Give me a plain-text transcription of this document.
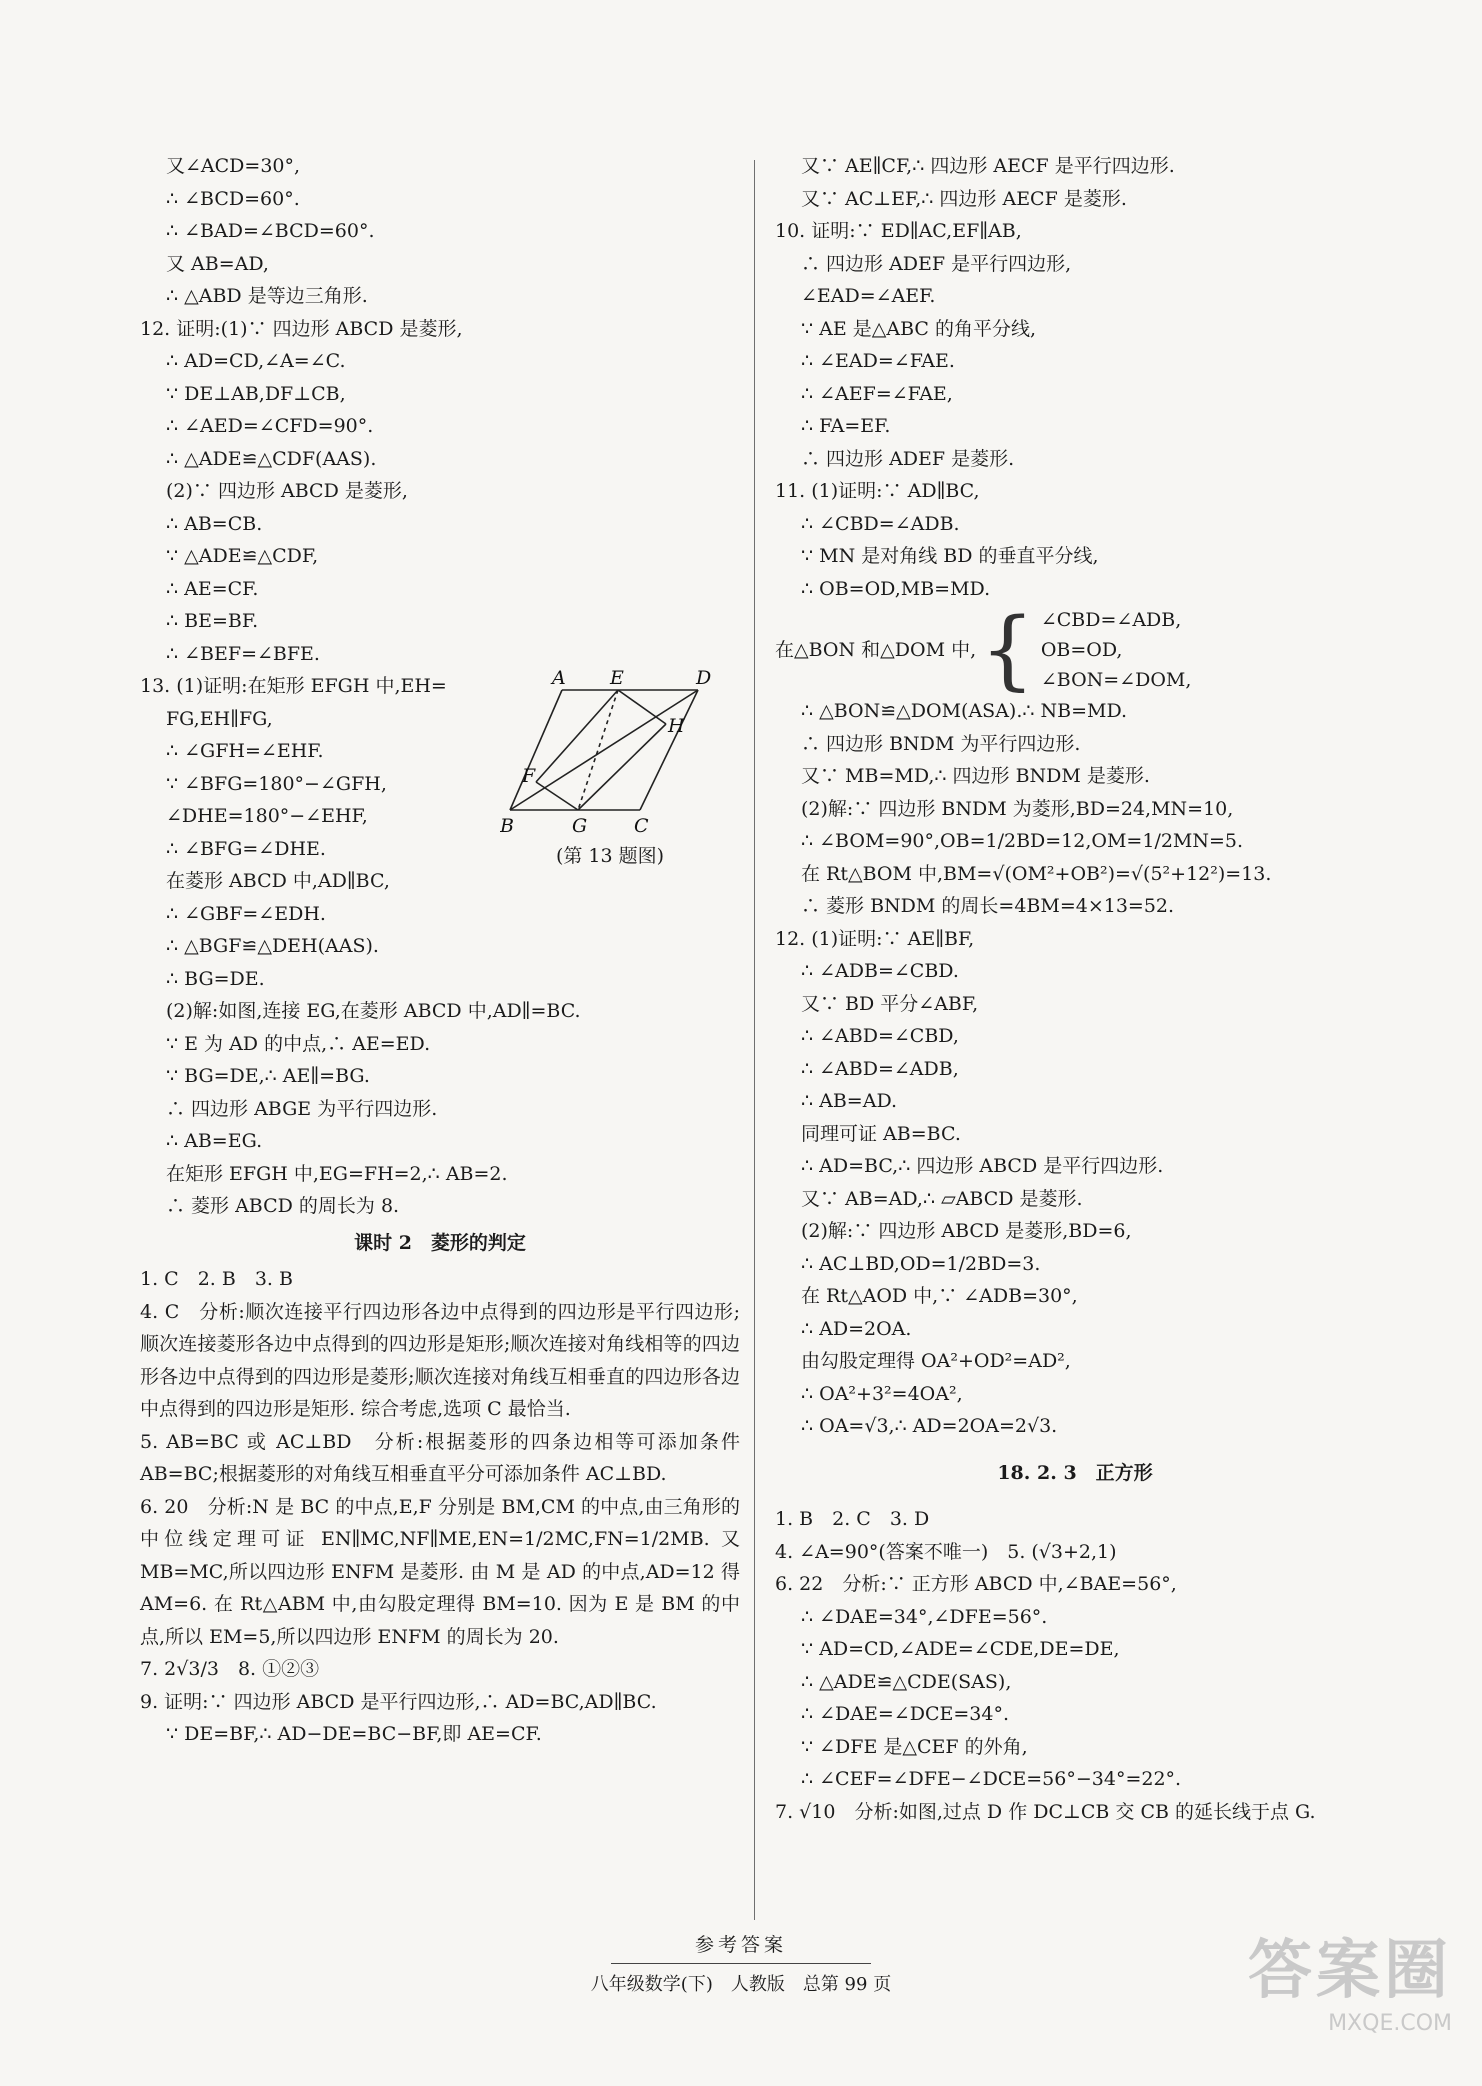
又∠ACD=30°,
∴ ∠BCD=60°.
∴ ∠BAD=∠BCD=60°.
又 AB=AD,
∴ △ABD 是等边三角形.
12. 证明:(1)∵ 四边形 ABCD 是菱形,
∴ AD=CD,∠A=∠C.
∵ DE⊥AB,DF⊥CB,
∴ ∠AED=∠CFD=90°.
∴ △ADE≌△CDF(AAS).
(2)∵ 四边形 ABCD 是菱形,
∴ AB=CB.
∵ △ADE≌△CDF,
∴ AE=CF.
∴ BE=BF.
∴ ∠BEF=∠BFE.
13. (1)证明:在矩形 EFGH 中,EH=
FG,EH∥FG,
∴ ∠GFH=∠EHF.
∵ ∠BFG=180°−∠GFH,
∠DHE=180°−∠EHF,
∴ ∠BFG=∠DHE.
在菱形 ABCD 中,AD∥BC,
∴ ∠GBF=∠EDH.
∴ △BGF≌△DEH(AAS).
∴ BG=DE.
(2)解:如图,连接 EG,在菱形 ABCD 中,AD∥=BC.
∵ E 为 AD 的中点,∴ AE=ED.
∵ BG=DE,∴ AE∥=BG.
∴ 四边形 ABGE 为平行四边形.
∴ AB=EG.
在矩形 EFGH 中,EG=FH=2,∴ AB=2.
∴ 菱形 ABCD 的周长为 8.
课时 2　菱形的判定
1. C　2. B　3. B
4. C　分析:顺次连接平行四边形各边中点得到的四边形是平行四边形;顺次连接菱形各边中点得到的四边形是矩形;顺次连接对角线相等的四边形各边中点得到的四边形是菱形;顺次连接对角线互相垂直的四边形各边中点得到的四边形是矩形. 综合考虑,选项 C 最恰当.
5. AB=BC 或 AC⊥BD　分析:根据菱形的四条边相等可添加条件 AB=BC;根据菱形的对角线互相垂直平分可添加条件 AC⊥BD.
6. 20　分析:N 是 BC 的中点,E,F 分别是 BM,CM 的中点,由三角形的中位线定理可证 EN∥MC,NF∥ME,EN=1/2MC,FN=1/2MB. 又 MB=MC,所以四边形 ENFM 是菱形. 由 M 是 AD 的中点,AD=12 得 AM=6. 在 Rt△ABM 中,由勾股定理得 BM=10. 因为 E 是 BM 的中点,所以 EM=5,所以四边形 ENFM 的周长为 20.
7. 2√3/3　8. ①②③
9. 证明:∵ 四边形 ABCD 是平行四边形,∴ AD=BC,AD∥BC.
∵ DE=BF,∴ AD−DE=BC−BF,即 AE=CF.
A E	D
H
F
B	G C
(第 13 题图)
又∵ AE∥CF,∴ 四边形 AECF 是平行四边形.
又∵ AC⊥EF,∴ 四边形 AECF 是菱形.
10. 证明:∵ ED∥AC,EF∥AB,
∴ 四边形 ADEF 是平行四边形,
∠EAD=∠AEF.
∵ AE 是△ABC 的角平分线,
∴ ∠EAD=∠FAE.
∴ ∠AEF=∠FAE,
∴ FA=EF.
∴ 四边形 ADEF 是菱形.
11. (1)证明:∵ AD∥BC,
∴ ∠CBD=∠ADB.
∵ MN 是对角线 BD 的垂直平分线,
∴ OB=OD,MB=MD.
在△BON 和△DOM 中, { ∠CBD=∠ADB,
OB=OD,
∠BON=∠DOM,
∴ △BON≌△DOM(ASA).∴ NB=MD.
∴ 四边形 BNDM 为平行四边形.
又∵ MB=MD,∴ 四边形 BNDM 是菱形.
(2)解:∵ 四边形 BNDM 为菱形,BD=24,MN=10,
∴ ∠BOM=90°,OB=1/2BD=12,OM=1/2MN=5.
在 Rt△BOM 中,BM=√(OM²+OB²)=√(5²+12²)=13.
∴ 菱形 BNDM 的周长=4BM=4×13=52.
12. (1)证明:∵ AE∥BF,
∴ ∠ADB=∠CBD.
又∵ BD 平分∠ABF,
∴ ∠ABD=∠CBD,
∴ ∠ABD=∠ADB,
∴ AB=AD.
同理可证 AB=BC.
∴ AD=BC,∴ 四边形 ABCD 是平行四边形.
又∵ AB=AD,∴ ▱ABCD 是菱形.
(2)解:∵ 四边形 ABCD 是菱形,BD=6,
∴ AC⊥BD,OD=1/2BD=3.
在 Rt△AOD 中,∵ ∠ADB=30°,
∴ AD=2OA.
由勾股定理得 OA²+OD²=AD²,
∴ OA²+3²=4OA²,
∴ OA=√3,∴ AD=2OA=2√3.
18. 2. 3　正方形
1. B　2. C　3. D
4. ∠A=90°(答案不唯一)　5. (√3+2,1)
6. 22　分析:∵ 正方形 ABCD 中,∠BAE=56°,
∴ ∠DAE=34°,∠DFE=56°.
∵ AD=CD,∠ADE=∠CDE,DE=DE,
∴ △ADE≌△CDE(SAS),
∴ ∠DAE=∠DCE=34°.
∵ ∠DFE 是△CEF 的外角,
∴ ∠CEF=∠DFE−∠DCE=56°−34°=22°.
7. √10　分析:如图,过点 D 作 DC⊥CB 交 CB 的延长线于点 G.
参考答案
八年级数学(下)　人教版　总第 99 页	答案圈
MXQE.COM
